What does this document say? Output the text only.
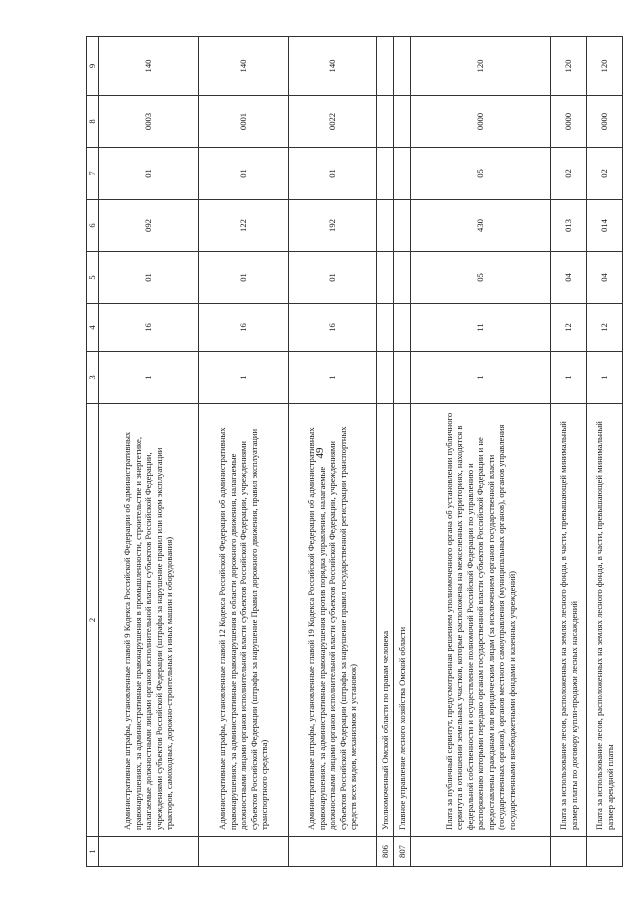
49
1	2	3	4	5	6	7	8	9
	Административные штрафы, установленные главой 9 Кодекса Российской Федерации об административных правонарушениях, за административные правонарушения в промышленности, строительстве и энергетике, налагаемые должностными лицами органов исполнительной власти субъектов Российской Федерации, учреждениями субъектов Российской Федерации (штрафы за нарушение правил или норм эксплуатации тракторов, самоходных, дорожно-строительных и иных машин и оборудования)	1	16	01	092	01	0003	140
	Административные штрафы, установленные главой 12 Кодекса Российской Федерации об административных правонарушениях, за административные правонарушения в области дорожного движения, налагаемые должностными лицами органов исполнительной власти субъектов Российской Федерации, учреждениями субъектов Российской Федерации (штрафы за нарушение Правил дорожного движения, правил эксплуатации транспортного средства)	1	16	01	122	01	0001	140
	Административные штрафы, установленные главой 19 Кодекса Российской Федерации об административных правонарушениях, за административные правонарушения против порядка управления, налагаемые должностными лицами органов исполнительной власти субъектов Российской Федерации, учреждениями субъектов Российской Федерации (штрафы за нарушение правил государственной регистрации транспортных средств всех видов, механизмов и установок)	1	16	01	192	01	0022	140
806	Уполномоченный Омской области по правам человека							
807	Главное управление лесного хозяйства Омской области							
	Плата за публичный сервитут, предусмотренная решением уполномоченного органа об установлении публичного сервитута в отношении земельных участков, которые расположены на межселенных территориях, находятся в федеральной собственности и осуществление полномочий Российской Федерации по управлению и распоряжению которыми передано органам государственной власти субъектов Российской Федерации и не предоставлены гражданам или юридическим лицам (за исключением органов государственной власти (государственных органов), органов местного самоуправления (муниципальных органов), органов управления государственными внебюджетными фондами и казенных учреждений)	1	11	05	430	05	0000	120
	Плата за использование лесов, расположенных на землях лесного фонда, в части, превышающей минимальный размер платы по договору купли-продажи лесных насаждений	1	12	04	013	02	0000	120
	Плата за использование лесов, расположенных на землях лесного фонда, в части, превышающей минимальный размер арендной платы	1	12	04	014	02	0000	120
